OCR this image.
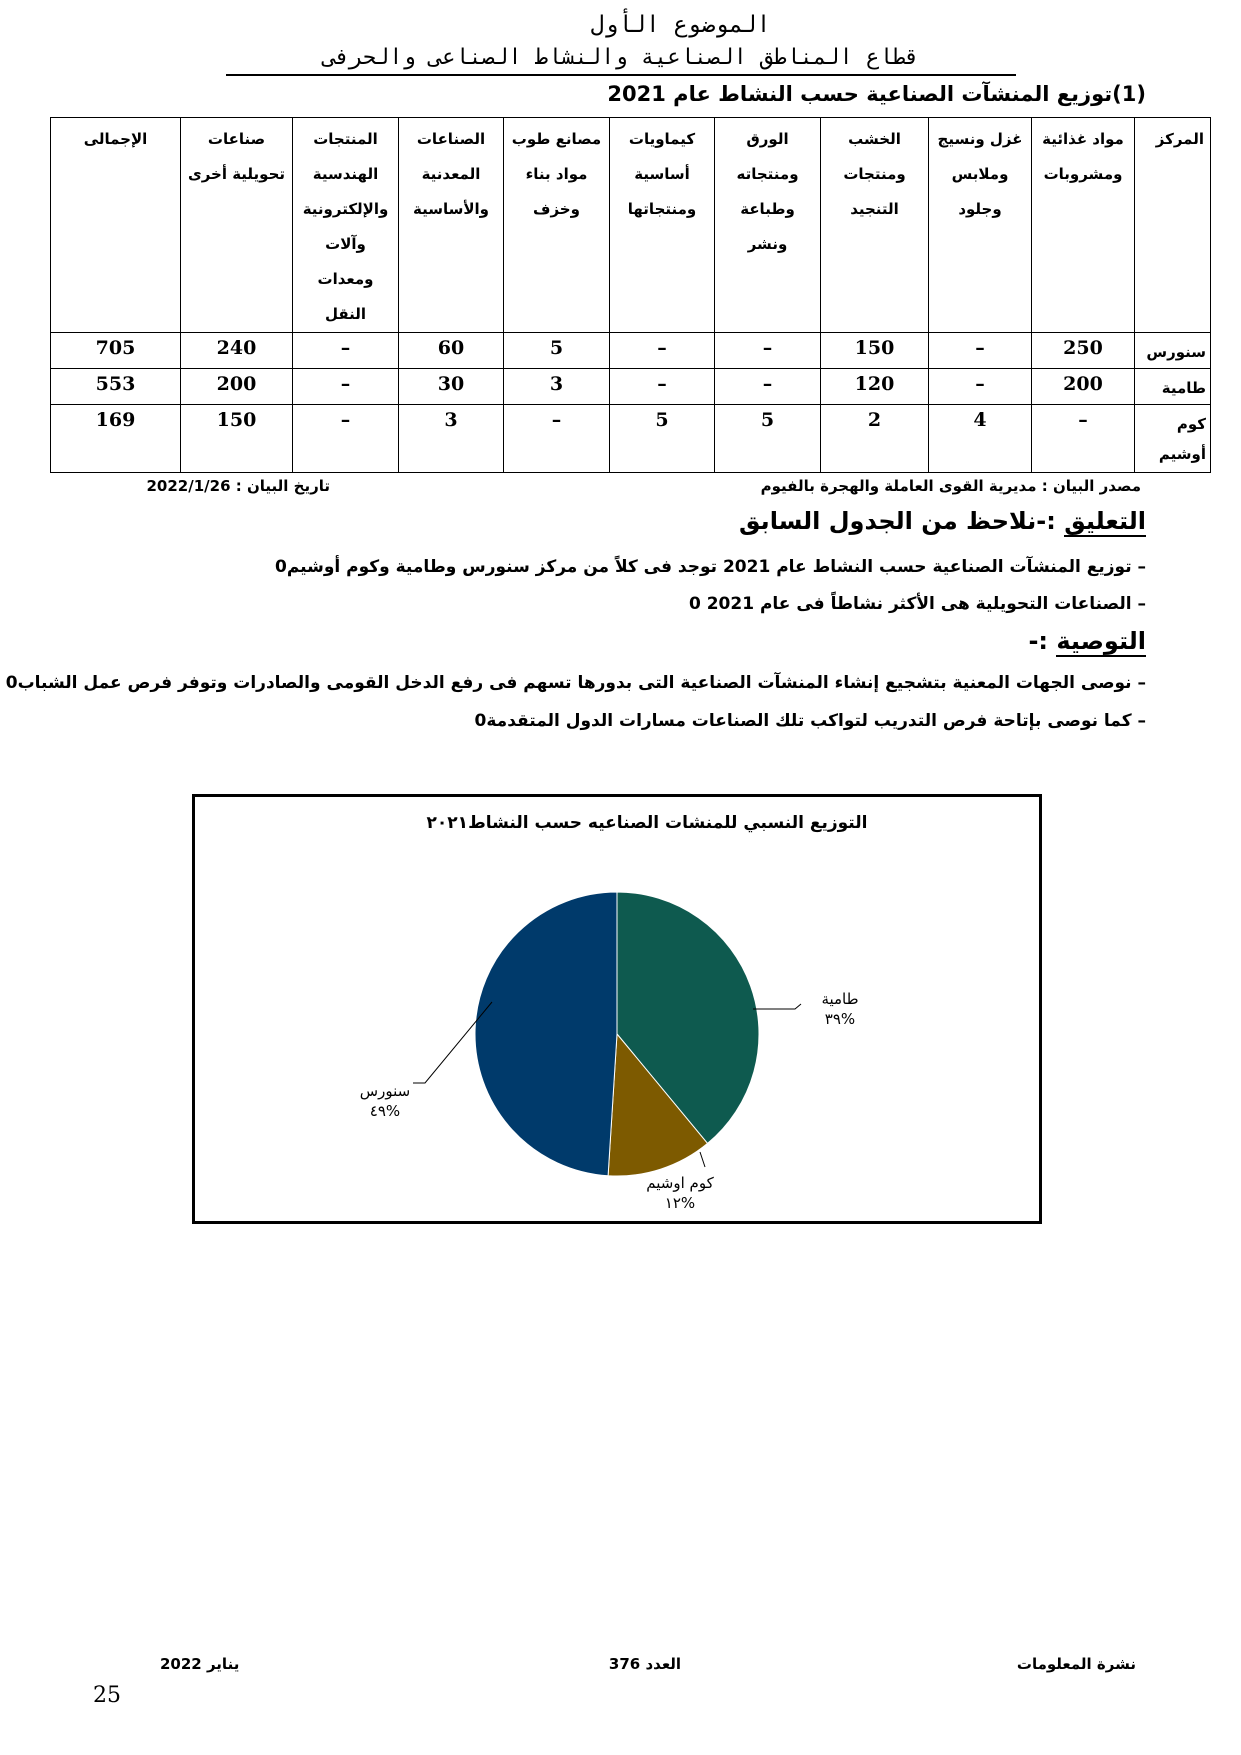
الموضوع الأول
قطاع المناطق الصناعية والنشاط الصناعى والحرفى
(1)توزيع المنشآت الصناعية حسب النشاط عام 2021
المركز	مواد غذائية ومشروبات	غزل ونسيج وملابس وجلود	الخشب ومنتجات التنجيد	الورق ومنتجاته وطباعة ونشر	كيماويات أساسية ومنتجاتها	مصانع طوب مواد بناء وخزف	الصناعات المعدنية والأساسية	المنتجات الهندسية والإلكترونية وآلات ومعدات النقل	صناعات تحويلية أخرى	الإجمالى
سنورس	250	–	150	–	–	5	60	–	240	705
طامية	200	–	120	–	–	3	30	–	200	553
كوم أوشيم	–	4	2	5	5	–	3	–	150	169
مصدر البيان : مديرية القوى العاملة والهجرة بالفيوم
تاريخ البيان : 2022/1/26
التعليق :-نلاحظ من الجدول السابق
– توزيع المنشآت الصناعية حسب النشاط عام 2021 توجد فى كلاً من مركز سنورس وطامية وكوم أوشيم0
– الصناعات التحويلية هى الأكثر نشاطاً فى عام 2021 0
التوصية :-
– نوصى الجهات المعنية بتشجيع إنشاء المنشآت الصناعية التى بدورها تسهم فى رفع الدخل القومى والصادرات وتوفر فرص عمل الشباب0
– كما نوصى بإتاحة فرص التدريب لتواكب تلك الصناعات مسارات الدول المتقدمة0
التوزيع النسبي للمنشات الصناعيه حسب النشاط٢٠٢١
طامية
%٣٩
كوم اوشيم
%١٢
سنورس
%٤٩
نشرة المعلومات
العدد 376
يناير 2022
25
